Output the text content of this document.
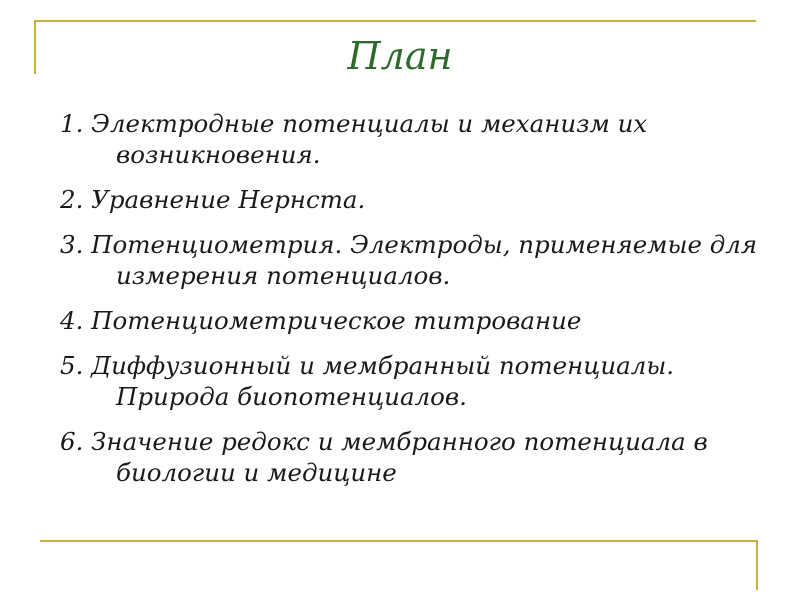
План
1. Электродные потенциалы и механизм их возникновения.
2. Уравнение Нернста.
3. Потенциометрия. Электроды, применяемые для измерения потенциалов.
4. Потенциометрическое титрование
5. Диффузионный и мембранный потенциалы. Природа биопотенциалов.
6. Значение редокс и мембранного потенциала в биологии и медицине
